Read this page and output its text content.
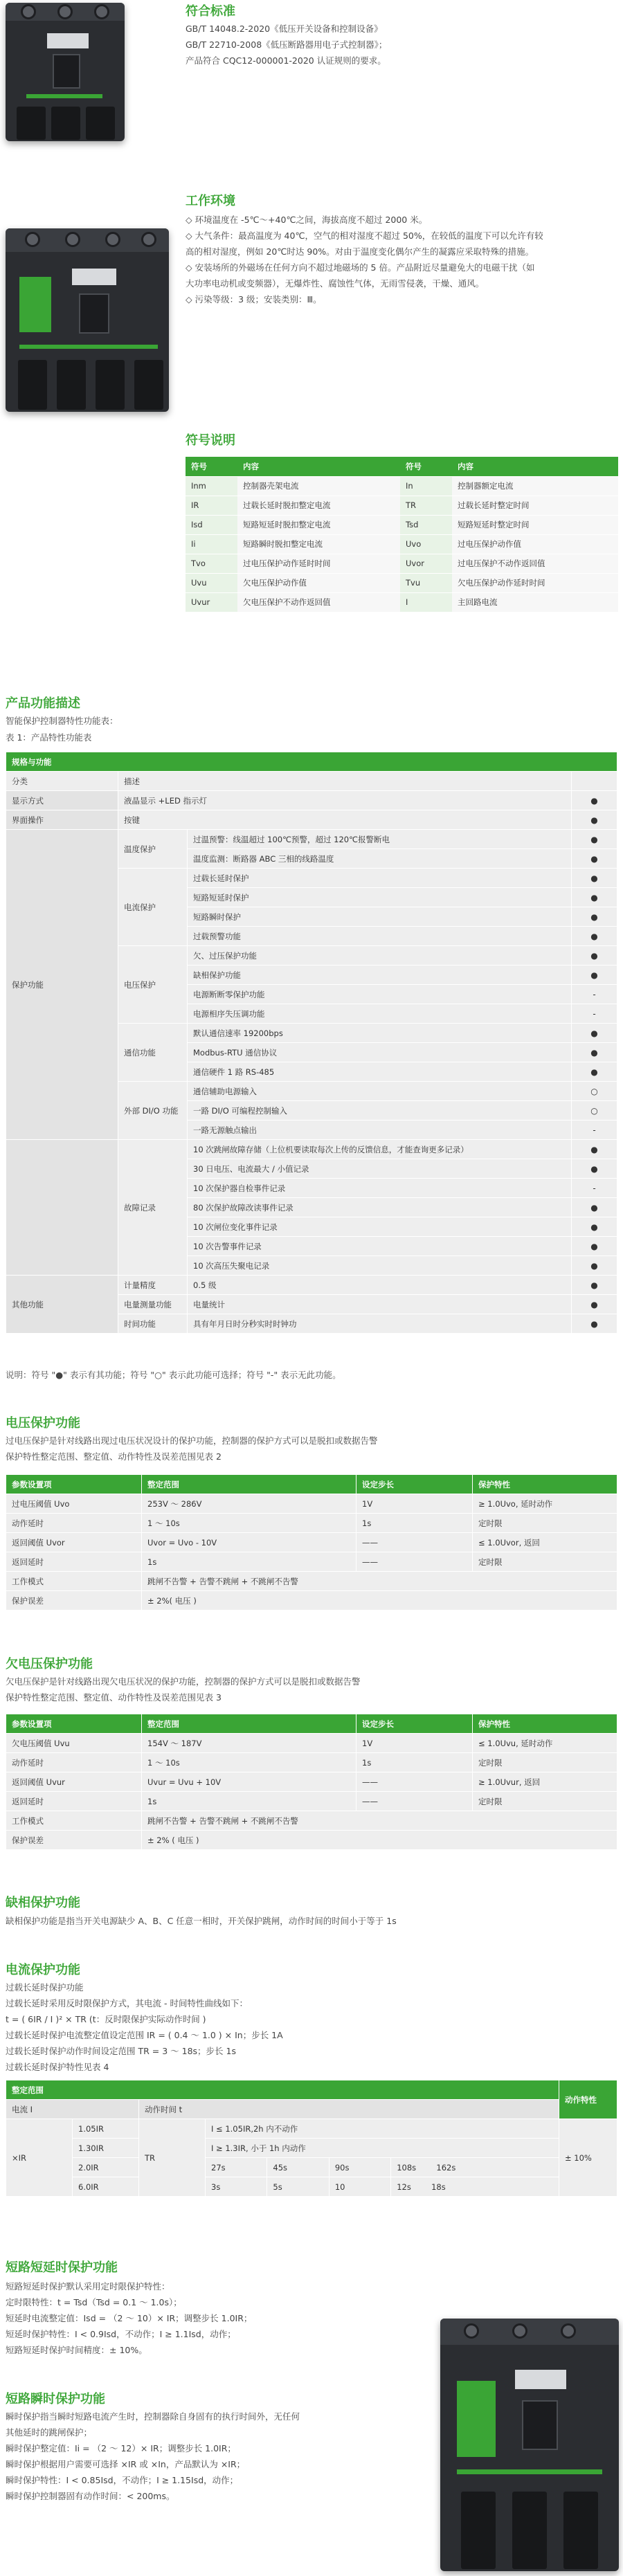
符合标准
GB/T 14048.2-2020《低压开关设备和控制设备》
GB/T 22710-2008《低压断路器用电子式控制器》；
产品符合 CQC12-000001-2020 认证规则的要求。
工作环境
◇ 环境温度在 -5℃～+40℃之间，海拔高度不超过 2000 米。
◇ 大气条件：最高温度为 40℃，空气的相对湿度不超过 50%，在较低的温度下可以允许有较
高的相对湿度，例如 20℃时达 90%。对由于温度变化偶尔产生的凝露应采取特殊的措施。
◇ 安装场所的外磁场在任何方向不超过地磁场的 5 倍。产品附近尽量避免大的电磁干扰（如
大功率电动机或变频器），无爆炸性、腐蚀性气体，无雨雪侵袭，干燥、通风。
◇ 污染等级：3 级；安装类别：Ⅲ。
符号说明
符号	内容	符号	内容
Inm	控制器壳架电流	In	控制器额定电流
IR	过载长延时脱扣整定电流	TR	过载长延时整定时间
Isd	短路短延时脱扣整定电流	Tsd	短路短延时整定时间
Ii	短路瞬时脱扣整定电流	Uvo	过电压保护动作值
Tvo	过电压保护动作延时时间	Uvor	过电压保护不动作返回值
Uvu	欠电压保护动作值	Tvu	欠电压保护动作延时时间
Uvur	欠电压保护不动作返回值	I	主回路电流
产品功能描述
智能保护控制器特性功能表：
表 1：产品特性功能表
规格与功能			
分类	描述		
显示方式	液晶显示 +LED 指示灯		●
界面操作	按键		●
保护功能	温度保护	过温预警：线温超过 100℃预警，超过 120℃报警断电	●
		温度监测：断路器 ABC 三相的线路温度	●
	电流保护	过载长延时保护	●
		短路短延时保护	●
		短路瞬时保护	●
		过载预警功能	●
	电压保护	欠、过压保护功能	●
		缺相保护功能	●
		电源断断零保护功能	-
		电源相序失压调功能	-
	通信功能	默认通信速率 19200bps	●
		Modbus-RTU 通信协议	●
		通信硬件 1 路 RS-485	●
	外部 DI/O 功能	通信辅助电源输入	○
		一路 DI/O 可编程控制输入	○
		一路无源触点输出	-
	故障记录	10 次跳闸故障存储（上位机要读取每次上传的反馈信息，才能查询更多记录）	●
		30 日电压、电流最大 / 小值记录	●
		10 次保护器自检事件记录	-
		80 次保护故障改读事件记录	●
		10 次闸位变化事件记录	●
		10 次告警事件记录	●
		10 次高压失聚电记录	●
其他功能	计量精度	0.5 级	●
	电量测量功能	电量统计	●
	时间功能	具有年月日时分秒实时时钟功	●
说明：符号 "●" 表示有其功能；符号 "○" 表示此功能可选择；符号 "-" 表示无此功能。
电压保护功能
过电压保护是针对线路出现过电压状况设计的保护功能，控制器的保护方式可以是脱扣或数据告警
保护特性整定范围、整定值、动作特性及误差范围见表 2
参数设置项	整定范围	设定步长	保护特性
过电压阈值 Uvo	253V ～ 286V	1V	≥ 1.0Uvo, 延时动作
动作延时	1 ～ 10s	1s	定时限
返回阈值 Uvor	Uvor = Uvo - 10V	——	≤ 1.0Uvor, 返回
返回延时	1s	——	定时限
工作模式	跳闸不告警 + 告警不跳闸 + 不跳闸不告警		
保护误差	± 2%( 电压 )		
欠电压保护功能
欠电压保护是针对线路出现欠电压状况的保护功能，控制器的保护方式可以是脱扣或数据告警
保护特性整定范围、整定值、动作特性及误差范围见表 3
参数设置项	整定范围	设定步长	保护特性
欠电压阈值 Uvu	154V ～ 187V	1V	≤ 1.0Uvu, 延时动作
动作延时	1 ～ 10s	1s	定时限
返回阈值 Uvur	Uvur = Uvu + 10V	——	≥ 1.0Uvur, 返回
返回延时	1s	——	定时限
工作模式	跳闸不告警 + 告警不跳闸 + 不跳闸不告警		
保护误差	± 2% ( 电压 )		
缺相保护功能
缺相保护功能是指当开关电源缺少 A、B、C 任意一相时，开关保护跳闸，动作时间的时间小于等于 1s
电流保护功能
过载长延时保护功能
过载长延时采用反时限保护方式，其电流 - 时间特性曲线如下：
t = ( 6IR / I )² × TR (t：反时限保护实际动作时间 )
过载长延时保护电流整定值设定范围 IR = ( 0.4 ～ 1.0 ) × In；步长 1A
过载长延时保护动作时间设定范围 TR = 3 ～ 18s；步长 1s
过载长延时保护特性见表 4
整定范围							动作特性
电流 I		动作时间 t					
×IR	1.05IR	TR	I ≤ 1.05IR,2h 内不动作				± 10%
	1.30IR		I ≥ 1.3IR, 小于 1h 内动作				
	2.0IR		27s	45s	90s	108s 162s	
	6.0IR		3s	5s	10	12s 18s	
短路短延时保护功能
短路短延时保护默认采用定时限保护特性：
定时限特性：t = Tsd（Tsd = 0.1 ～ 1.0s）；
短延时电流整定值：Isd = （2 ～ 10）× IR；调整步长 1.0IR；
短延时保护特性：I < 0.9Isd，不动作；I ≥ 1.1Isd，动作；
短路短延时保护时间精度：± 10%。
短路瞬时保护功能
瞬时保护指当瞬时短路电流产生时，控制器除自身固有的执行时间外，无任何
其他延时的跳闸保护；
瞬时保护整定值：Ii = （2 ～ 12）× IR；调整步长 1.0IR；
瞬时保护根据用户需要可选择 ×IR 或 ×In，产品默认为 ×IR；
瞬时保护特性：I < 0.85Isd，不动作；I ≥ 1.15Isd，动作；
瞬时保护控制器固有动作时间：< 200ms。
